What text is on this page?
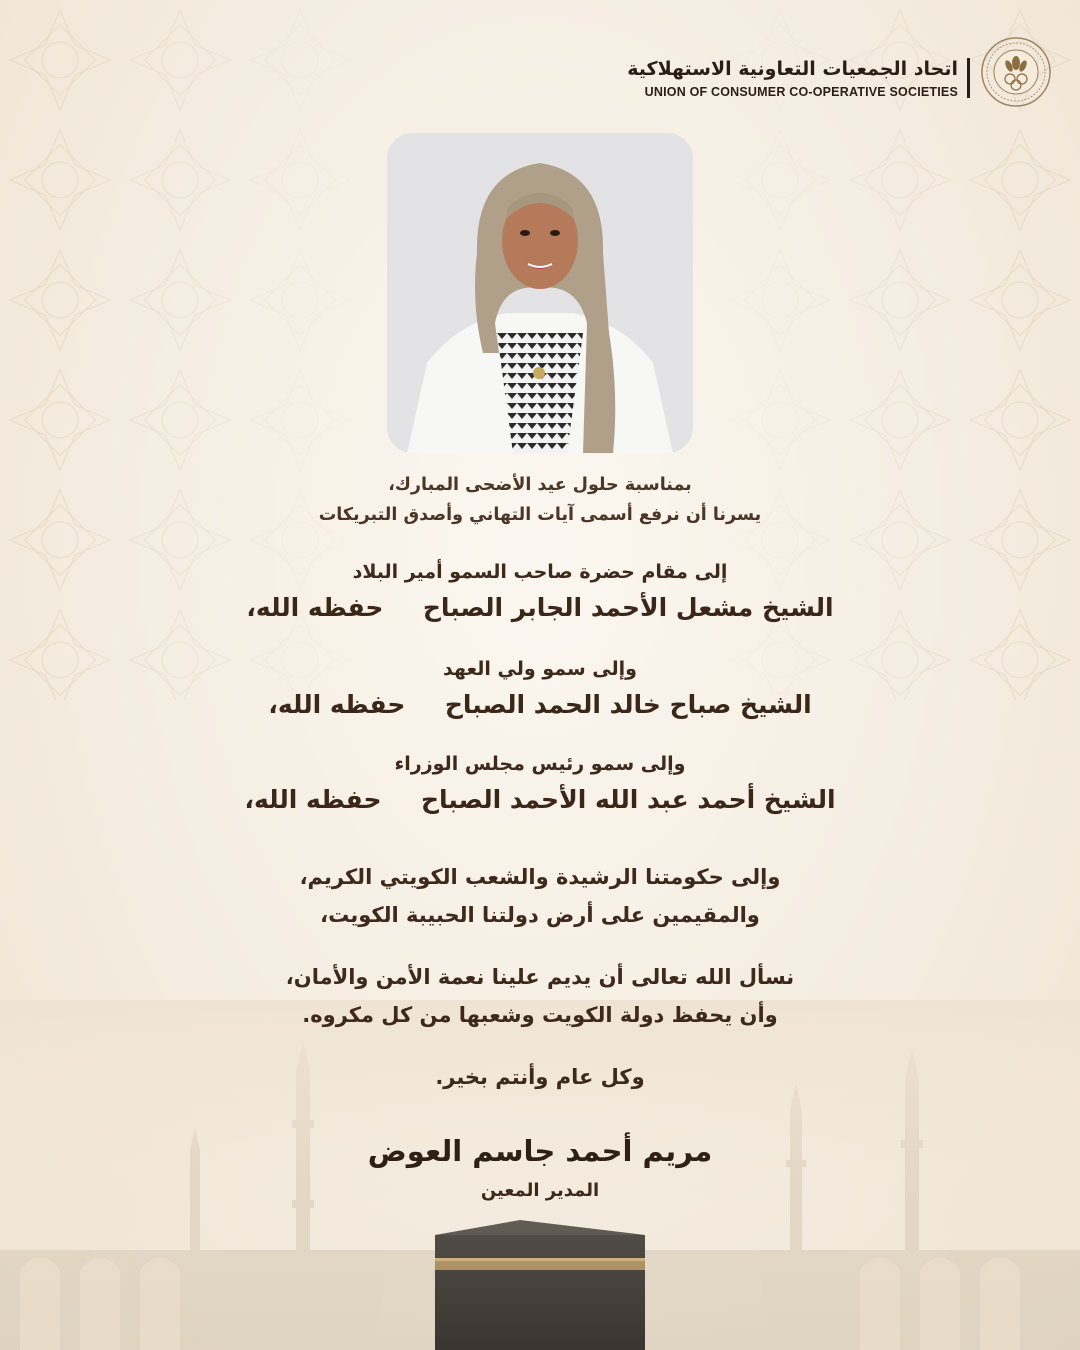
اتحاد الجمعيات التعاونية الاستهلاكية
UNION OF CONSUMER CO-OPERATIVE SOCIETIES
بمناسبة حلول عيد الأضحى المبارك،
يسرنا أن نرفع أسمى آيات التهاني وأصدق التبريكات
إلى مقام حضرة صاحب السمو أمير البلاد
الشيخ مشعل الأحمد الجابر الصباح  حفظه الله،
وإلى سمو ولي العهد
الشيخ صباح خالد الحمد الصباح  حفظه الله،
وإلى سمو رئيس مجلس الوزراء
الشيخ أحمد عبد الله الأحمد الصباح  حفظه الله،
وإلى حكومتنا الرشيدة والشعب الكويتي الكريم،
والمقيمين على أرض دولتنا الحبيبة الكويت،
نسأل الله تعالى أن يديم علينا نعمة الأمن والأمان،
وأن يحفظ دولة الكويت وشعبها من كل مكروه.
وكل عام وأنتم بخير.
مريم أحمد جاسم العوض
المدير المعين
